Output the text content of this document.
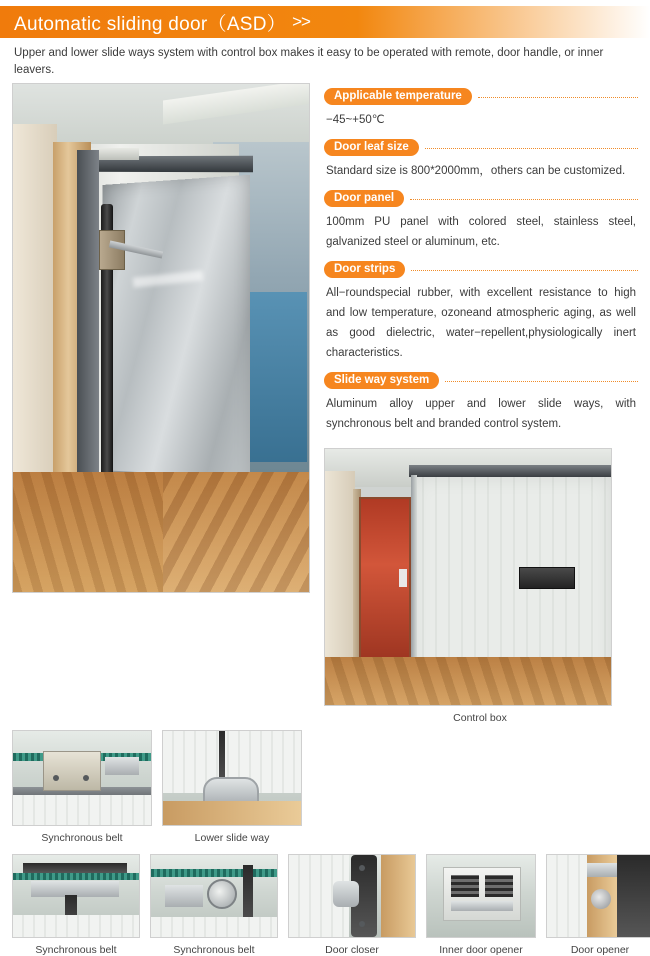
Automatic sliding door（ASD） >>
Upper and lower slide ways system with control box makes it easy to be operated with remote, door handle, or inner leavers.
Applicable temperature
−45~+50℃
Door leaf size
Standard size is 800*2000mm，others can be customized.
Door panel
100mm PU panel with colored steel, stainless steel, galvanized steel or aluminum, etc.
Door strips
All−roundspecial rubber, with excellent resistance to high and low temperature, ozoneand atmospheric aging, as well as good dielectric, water−repellent,physiologically inert characteristics.
Slide way system
Aluminum alloy upper and lower slide ways, with synchronous belt and branded control system.
Control box
Synchronous belt	Lower slide way
Synchronous belt	Synchronous belt	Door closer	Inner door opener	Door opener
